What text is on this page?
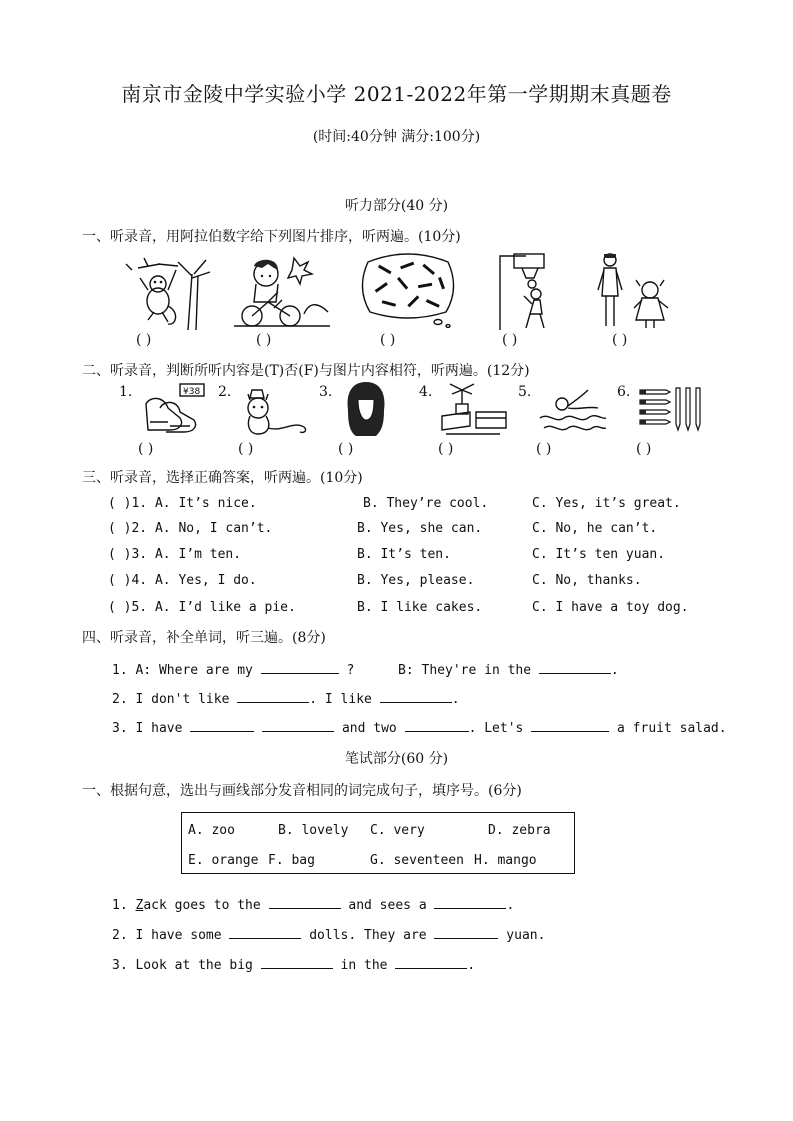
南京市金陵中学实验小学 2021-2022年第一学期期末真题卷
(时间:40分钟 满分:100分)
听力部分(40 分)
一、听录音，用阿拉伯数字给下列图片排序，听两遍。(10分)
( )	( )	( )	( )	( )
二、听录音，判断所听内容是(T)否(F)与图片内容相符，听两遍。(12分)
1.	¥38 2.	3.	4.	5.	6.
( )	( )	( )	( )	( )	( )
三、听录音，选择正确答案，听两遍。(10分)
( )1. A. It’s nice.	B. They’re cool.	C. Yes, it’s great.
( )2. A. No, I can’t.	B. Yes, she can.	C. No, he can’t.
( )3. A. I’m ten.	B. It’s ten.	C. It’s ten yuan.
( )4. A. Yes, I do.	B. Yes, please.	C. No, thanks.
( )5. A. I’d like a pie.	B. I like cakes.	C. I have a toy dog.
四、听录音，补全单词，听三遍。(8分)
1. A: Where are my	?	B: They're in the	.
2. I don't like	. I like	.
3. I have	and two	. Let's	a fruit salad.
笔试部分(60 分)
一、根据句意，选出与画线部分发音相同的词完成句子，填序号。(6分)
A. zoo	B. lovely C. very	D. zebra
E. orange F. bag	G. seventeen H. mango
1. Zack goes to the	and sees a	.
2. I have some	dolls. They are	yuan.
3. Look at the big	in the	.
